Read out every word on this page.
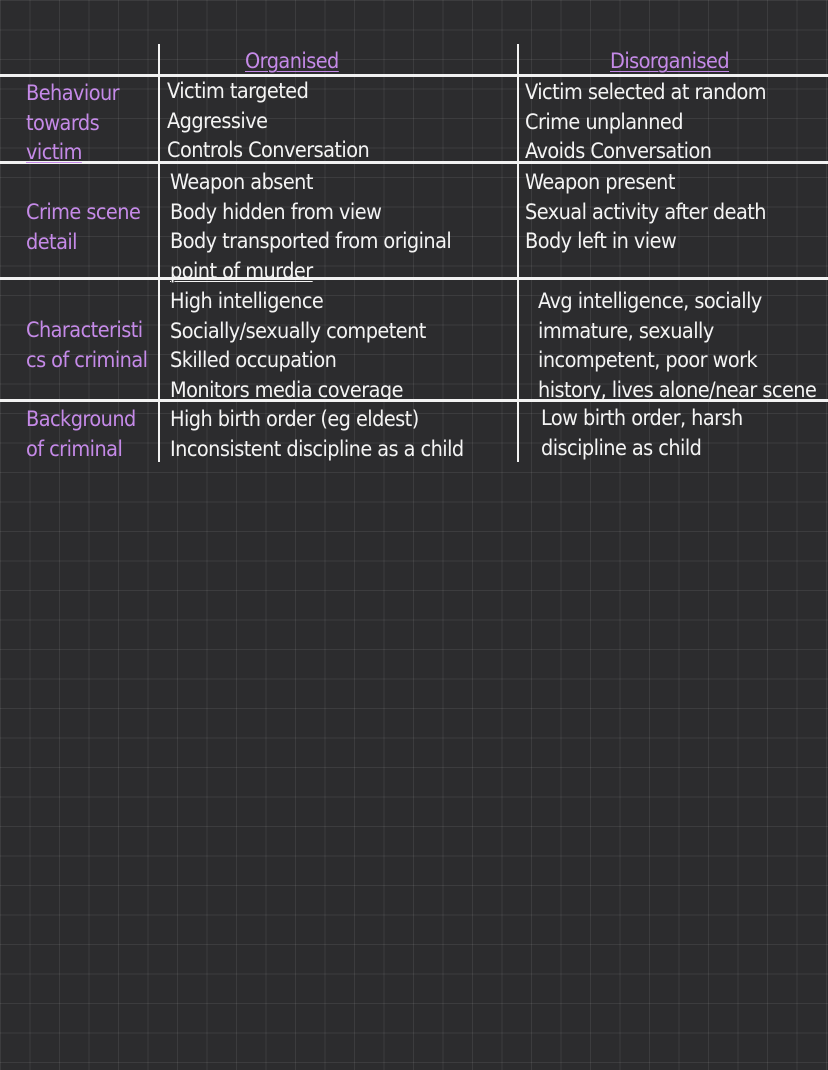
Organised	Disorganised
Behaviour
towards
victim
Victim targeted
Aggressive
Controls Conversation
Victim selected at random
Crime unplanned
Avoids Conversation
Crime scene
detail
Weapon absent
Body hidden from view
Body transported from original
point of murder
Weapon present
Sexual activity after death
Body left in view
Characteristi
cs of criminal
High intelligence
Socially/sexually competent
Skilled occupation
Monitors media coverage
Avg intelligence, socially
immature, sexually
incompetent, poor work
history, lives alone/near scene
Background
of criminal
High birth order (eg eldest)
Inconsistent discipline as a child
Low birth order, harsh
discipline as child
